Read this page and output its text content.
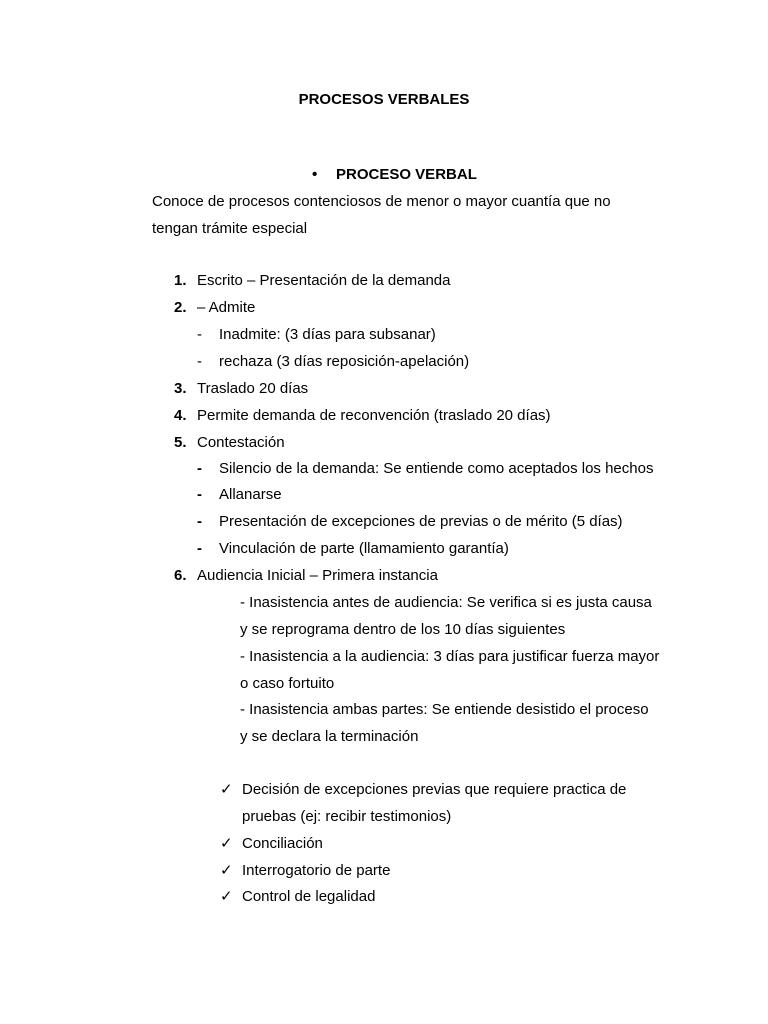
PROCESOS VERBALES
• PROCESO VERBAL
Conoce de procesos contenciosos de menor o mayor cuantía que no
tengan trámite especial
1. Escrito – Presentación de la demanda
2. – Admite
- Inadmite: (3 días para subsanar)
- rechaza (3 días reposición-apelación)
3. Traslado 20 días
4. Permite demanda de reconvención (traslado 20 días)
5. Contestación
- Silencio de la demanda: Se entiende como aceptados los hechos
- Allanarse
- Presentación de excepciones de previas o de mérito (5 días)
- Vinculación de parte (llamamiento garantía)
6. Audiencia Inicial – Primera instancia
- Inasistencia antes de audiencia: Se verifica si es justa causa
y se reprograma dentro de los 10 días siguientes
- Inasistencia a la audiencia: 3 días para justificar fuerza mayor
o caso fortuito
- Inasistencia ambas partes: Se entiende desistido el proceso
y se declara la terminación
✓ Decisión de excepciones previas que requiere practica de
pruebas (ej: recibir testimonios)
✓ Conciliación
✓ Interrogatorio de parte
✓ Control de legalidad
